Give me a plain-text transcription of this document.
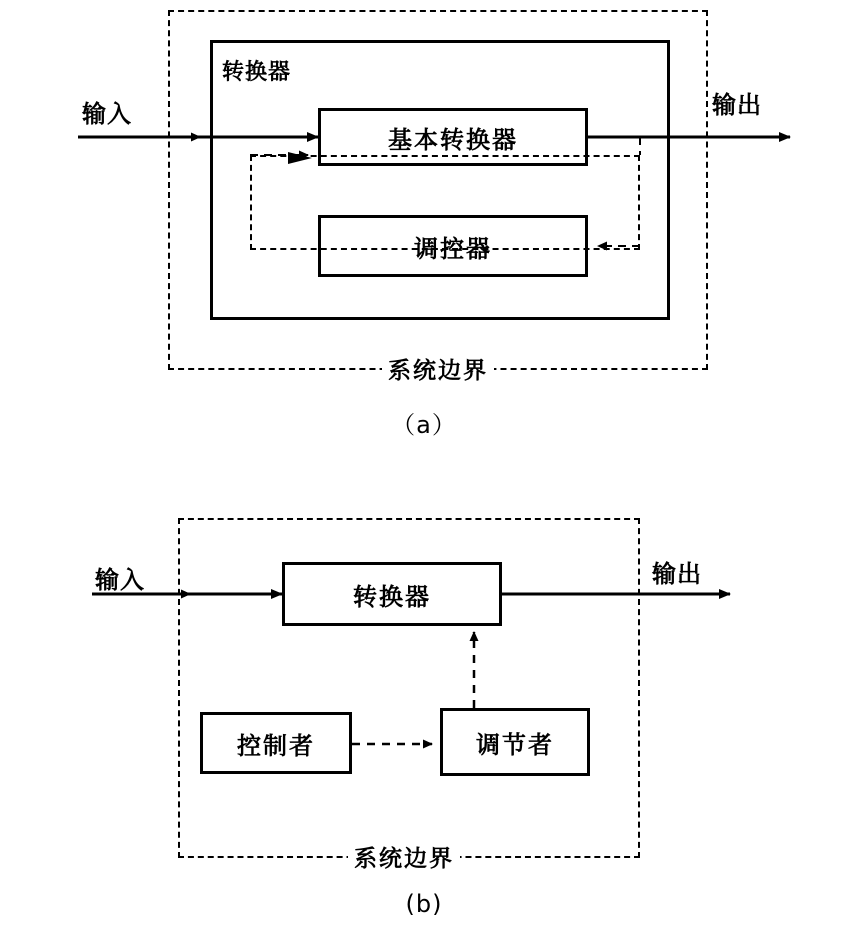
转换器
基本转换器
调控器
输入	输出
系统边界
（a）
转换器
控制者	调节者
输入	输出
系统边界
(b)
